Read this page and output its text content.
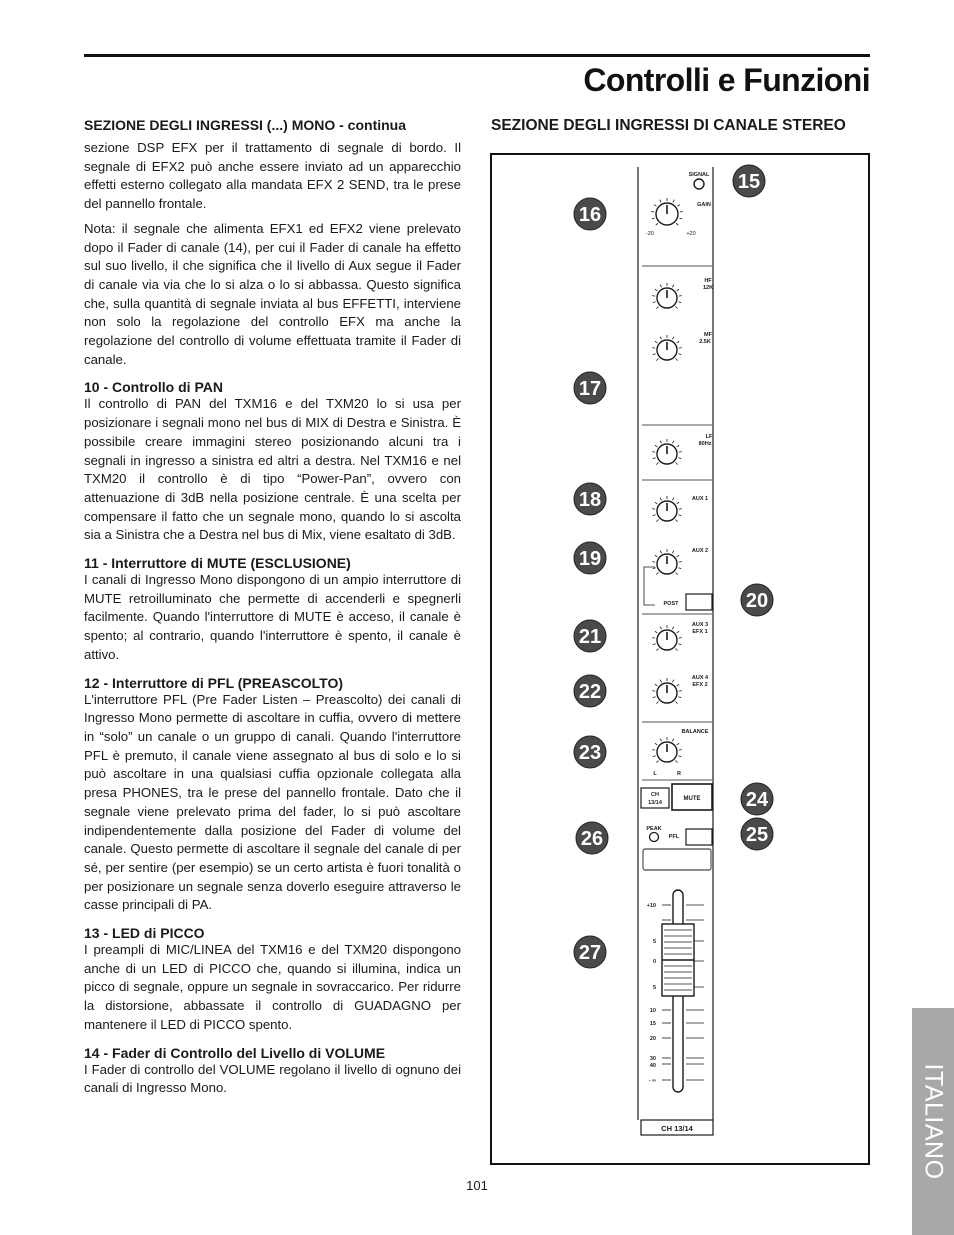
Controlli e Funzioni
SEZIONE DEGLI INGRESSI (...) MONO - continua

sezione DSP EFX per il trattamento di segnale di bordo. Il segnale di EFX2 può anche essere inviato ad un apparecchio effetti esterno collegato alla mandata EFX 2 SEND, tra le prese del pannello frontale.

Nota: il segnale che alimenta EFX1 ed EFX2 viene prelevato dopo il Fader di canale (14), per cui il Fader di canale ha effetto sul suo livello, il che significa che il livello di Aux segue il Fader di canale via via che lo si alza o lo si abbassa. Questo significa che, sulla quantità di segnale inviata al bus EFFETTI, interviene non solo la regolazione del controllo EFX ma anche la regolazione del controllo di volume effettuata tramite il Fader di canale.

10 - Controllo di PAN

Il controllo di PAN del TXM16 e del TXM20 lo si usa per posizionare i segnali mono nel bus di MIX di Destra e Sinistra. È possibile creare immagini stereo posizionando alcuni tra i segnali in ingresso a sinistra ed altri a destra. Nel TXM16 e nel TXM20 il controllo è di tipo “Power-Pan”, ovvero con attenuazione di 3dB nella posizione centrale. È una scelta per compensare il fatto che un segnale mono, quando lo si ascolta sia a Sinistra che a Destra nel bus di Mix, viene esaltato di 3dB.

11 - Interruttore di MUTE (ESCLUSIONE)

I canali di Ingresso Mono dispongono di un ampio interruttore di MUTE retroilluminato che permette di accenderli e spegnerli facilmente. Quando l'interruttore di MUTE è acceso, il canale è spento; al contrario, quando l'interruttore è spento, il canale è attivo.

12 - Interruttore di PFL (PREASCOLTO)

L'interruttore PFL (Pre Fader Listen – Preascolto) dei canali di Ingresso Mono permette di ascoltare in cuffia, ovvero di mettere in “solo” un canale o un gruppo di canali. Quando l'interruttore PFL è premuto, il canale viene assegnato al bus di solo e lo si può ascoltare in una qualsiasi cuffia opzionale collegata alla presa PHONES, tra le prese del pannello frontale. Dato che il segnale viene prelevato prima del fader, lo si può ascoltare indipendentemente dalla posizione del Fader di volume del canale. Questo permette di ascoltare il segnale del canale di per sé, per sentire (per esempio) se un certo artista è fuori tonalità o per posizionare un segnale senza doverlo eseguire attraverso le casse principali di PA.

13 - LED di PICCO

I preampli di MIC/LINEA del TXM16 e del TXM20 dispongono anche di un LED di PICCO che, quando si illumina, indica un picco di segnale, oppure un segnale in sovraccarico. Per ridurre la distorsione, abbassate il controllo di GUADAGNO per mantenere il LED di PICCO spento.

14 - Fader di Controllo del Livello di VOLUME

I Fader di controllo del VOLUME regolano il livello di ognuno dei canali di Ingresso Mono.

SEZIONE DEGLI INGRESSI DI CANALE STEREO
SIGNAL
GAIN
-20	+20
HF
12K
MF
2.5K
LF
80Hz
AUX 1
AUX 2
POST
AUX 3
EFX 1
AUX 4
EFX 2
BALANCE
L	R
CH
13/14
MUTE
PEAK
PFL
+10
5
0
5
10
15
20
30
40
- ∞
CH 13/14
15
16
17
18
19
20
21
22
23
24
25
26
27
101
ITALIANO
